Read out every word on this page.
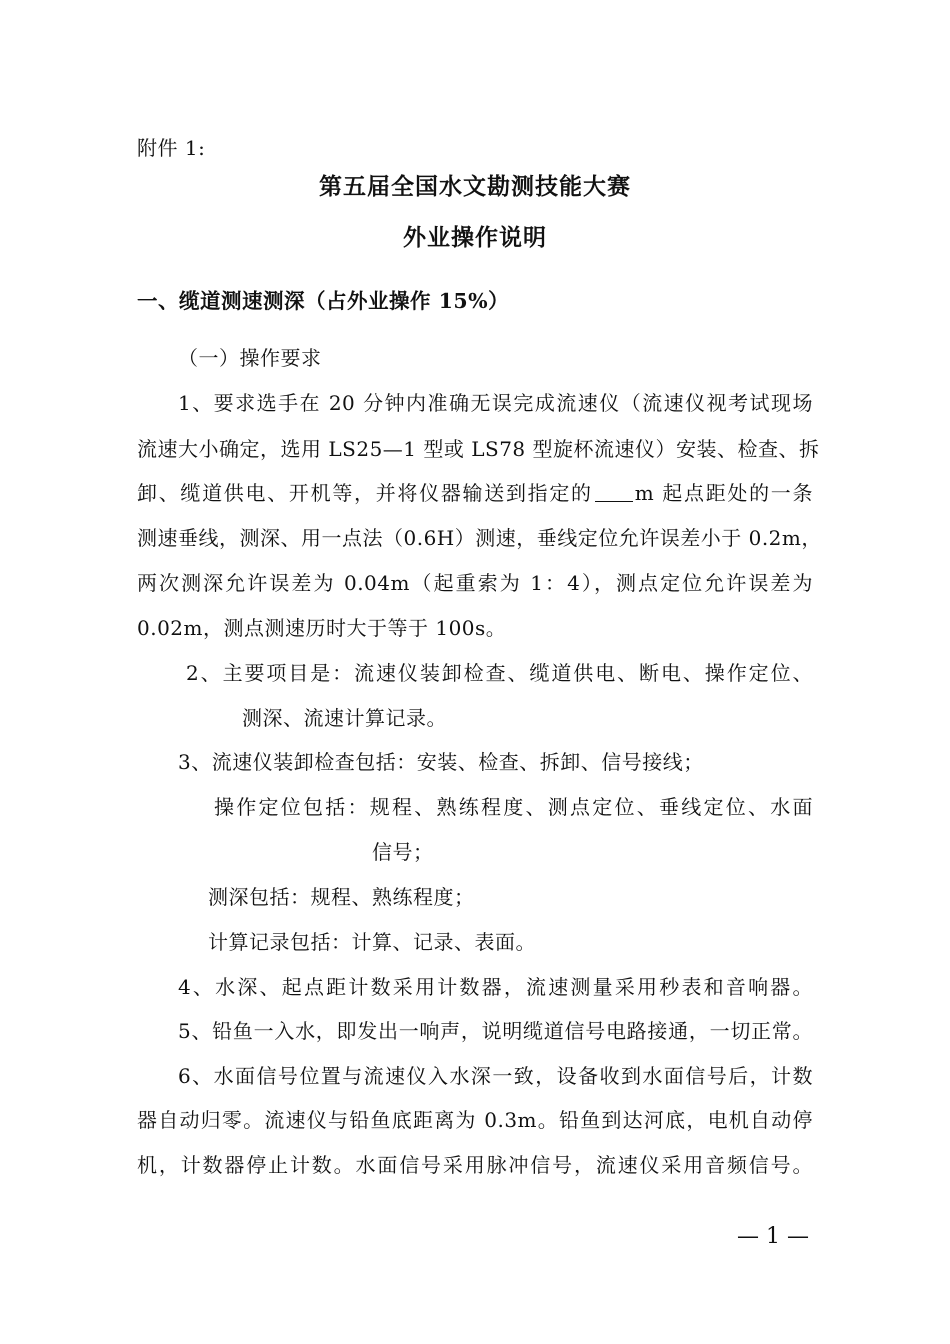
附件 1:
第五届全国水文勘测技能大赛
外业操作说明
一、缆道测速测深（占外业操作 15%）
（一）操作要求
1、要求选手在 20 分钟内准确无误完成流速仪（流速仪视考试现场
流速大小确定，选用 LS25—1 型或 LS78 型旋杯流速仪）安装、检查、拆
卸、缆道供电、开机等，并将仪器输送到指定的 m 起点距处的一条
测速垂线，测深、用一点法（0.6H）测速，垂线定位允许误差小于 0.2m，
两次测深允许误差为 0.04m（起重索为 1：4），测点定位允许误差为
0.02m，测点测速历时大于等于 100s。
2、主要项目是：流速仪装卸检查、缆道供电、断电、操作定位、
测深、流速计算记录。
3、流速仪装卸检查包括：安装、检查、拆卸、信号接线；
操作定位包括：规程、熟练程度、测点定位、垂线定位、水面
信号；
测深包括：规程、熟练程度；
计算记录包括：计算、记录、表面。
4、水深、起点距计数采用计数器，流速测量采用秒表和音响器。
5、铅鱼一入水，即发出一响声，说明缆道信号电路接通，一切正常。
6、水面信号位置与流速仪入水深一致，设备收到水面信号后，计数
器自动归零。流速仪与铅鱼底距离为 0.3m。铅鱼到达河底，电机自动停
机，计数器停止计数。水面信号采用脉冲信号，流速仪采用音频信号。
— 1 —
